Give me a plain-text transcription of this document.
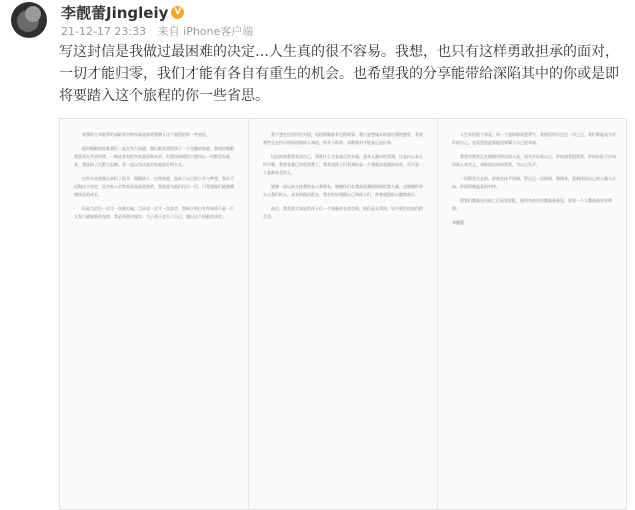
李靓蕾Jingleiy V
21-12-17 23:33 来自 iPhone客户端

写这封信是我做过最困难的决定…人生真的很不容易。我想，也只有这样勇敢担承的面对，一切才能归零，我们才能有各自有重生的机会。也希望我的分享能带给深陷其中的你或是即将要踏入这个旅程的你一些省思。

望我的分享能带给深陷其中的你或是即将要踏入这个旅程的你一些省思。

面对婚姻的困难我们一直在努力沟通，我们都希望给孩子一个完整的家庭，我相信婚姻需要双方共同经营，一路走来有很多的委屈和辛苦，但我始终相信只要用心一切都会好起来，我选择了沉默与忍耐，也一直以为这是对家庭最好的方式。

这些年来我独自承担了很多，照顾孩子、打理家庭，放弃了自己的工作与梦想，我从不后悔这个决定，因为家人对我来说是最重要的，我愿意为他们付出一切，只希望他们能够健康快乐的成长。

但是当信任一次又一次被打破，当承诺一次又一次落空，我终于明白有些事情不是一个人努力就能够改变的，我必须面对现实，为了孩子也为了自己，做出这个困难的决定。

我不想在这里评论对错，每段婚姻都有它的故事，我只是想诚实的说出我的感受，希望那些正在经历相同困境的人知道，你并不孤单，勇敢面对才能真正走出来。

这段时间我常常问自己，到底什么才是真正的幸福，是外人眼中的美满，还是内心真正的平静，我想答案已经很清楚了，我希望孩子们看到的是一个勇敢而坚强的母亲，而不是一个委曲求全的人。

感谢一直以来支持我的家人和朋友，谢谢你们在我最低潮的时候给我力量，也谢谢所有关心我们的人，未来的路还很长，我会好好照顾自己和孩子们，带着感恩的心继续前行。

最后，我希望大家能给孩子们一个安静成长的空间，他们是无辜的，请不要打扰他们的生活。

人生真的很不容易，每一个选择都需要勇气，我相信经历过这一切之后，我们都能成为更好的自己，也希望彼此都能找到属于自己的幸福。

我想对那些正在婚姻中挣扎的人说，请先好好爱自己，你的感受很重要，你的价值不应该由别人来定义，勇敢说出你的需要，为自己发声。

一切都会过去的，时间会抚平伤痛，给自己一点时间，慢慢来，重新找回自己的力量与方向，你值得被温柔的对待。

愿我们都能在风雨之后看见彩虹，愿所有的付出都能被看见，愿每一个人都能被好好珍惜。

李靓蕾
